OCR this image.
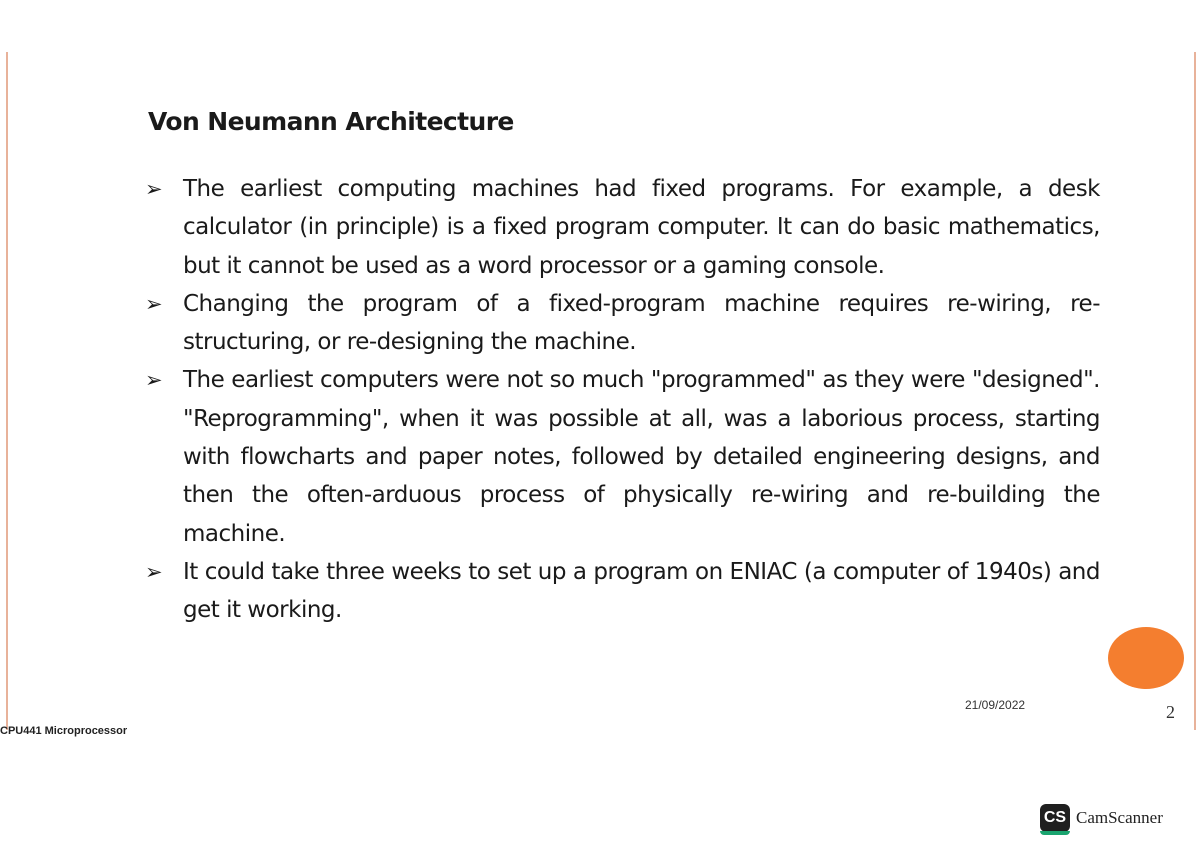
Von Neumann Architecture
➢ The earliest computing machines had fixed programs. For example, a desk calculator (in principle) is a fixed program computer. It can do basic mathematics, but it cannot be used as a word processor or a gaming console.
➢ Changing the program of a fixed-program machine requires re-wiring, re-structuring, or re-designing the machine.
➢ The earliest computers were not so much "programmed" as they were "designed". "Reprogramming", when it was possible at all, was a laborious process, starting with flowcharts and paper notes, followed by detailed engineering designs, and then the often-arduous process of physically re-wiring and re-building the machine.
➢ It could take three weeks to set up a program on ENIAC (a computer of 1940s) and get it working.
21/09/2022	2
CPU441 Microprocessor
CS CamScanner
